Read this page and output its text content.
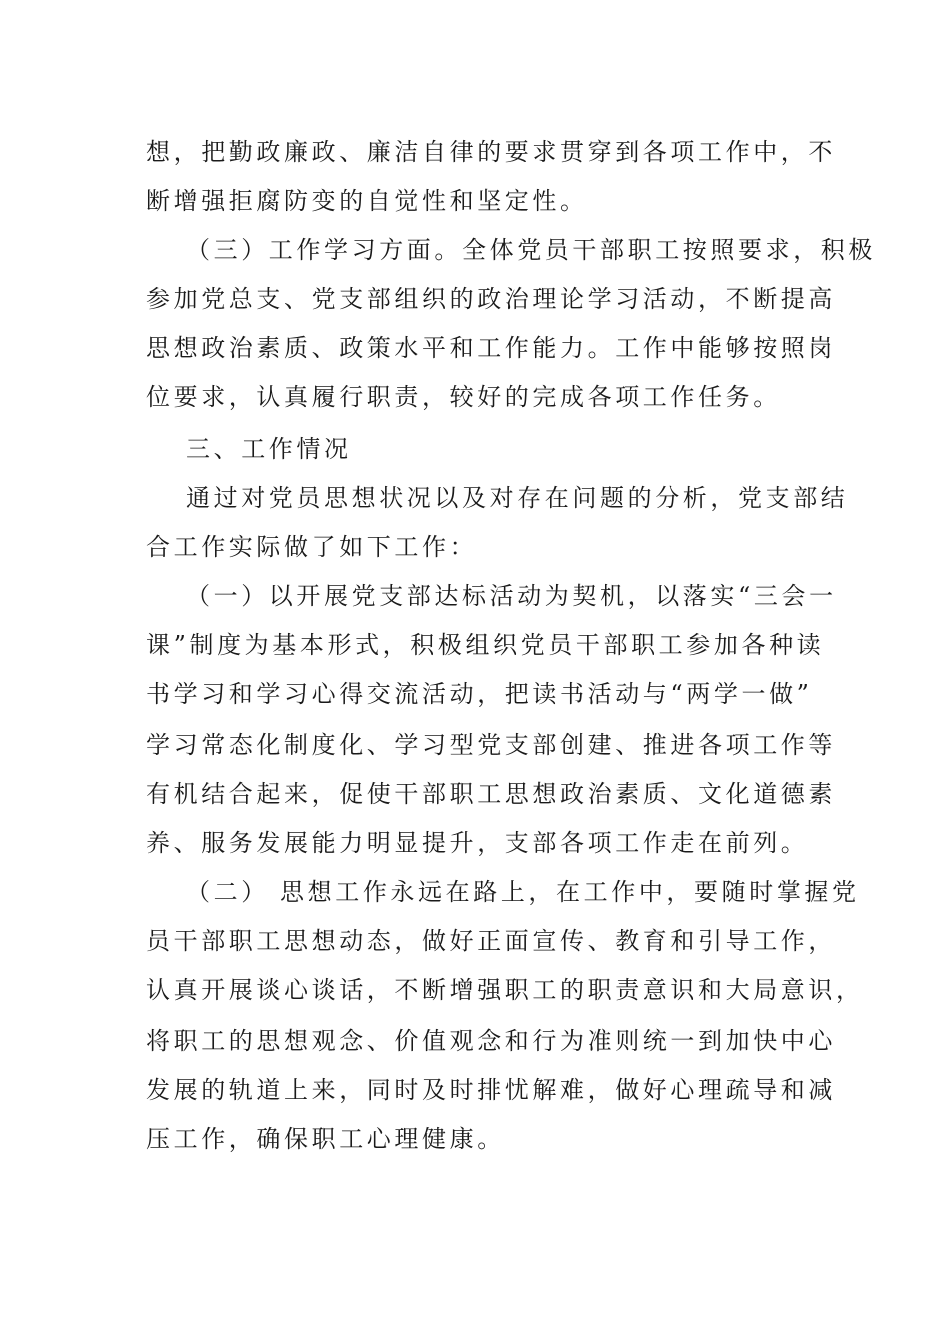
想，把勤政廉政、廉洁自律的要求贯穿到各项工作中，不
断增强拒腐防变的自觉性和坚定性。
（三）工作学习方面。全体党员干部职工按照要求，积极
参加党总支、党支部组织的政治理论学习活动，不断提高
思想政治素质、政策水平和工作能力。工作中能够按照岗
位要求，认真履行职责，较好的完成各项工作任务。
三、工作情况
通过对党员思想状况以及对存在问题的分析，党支部结
合工作实际做了如下工作：
（一）以开展党支部达标活动为契机，以落实“三会一
课”制度为基本形式，积极组织党员干部职工参加各种读
书学习和学习心得交流活动，把读书活动与“两学一做”
学习常态化制度化、学习型党支部创建、推进各项工作等
有机结合起来，促使干部职工思想政治素质、文化道德素
养、服务发展能力明显提升，支部各项工作走在前列。
（二） 思想工作永远在路上，在工作中，要随时掌握党
员干部职工思想动态，做好正面宣传、教育和引导工作，
认真开展谈心谈话，不断增强职工的职责意识和大局意识，
将职工的思想观念、价值观念和行为准则统一到加快中心
发展的轨道上来，同时及时排忧解难，做好心理疏导和减
压工作，确保职工心理健康。
